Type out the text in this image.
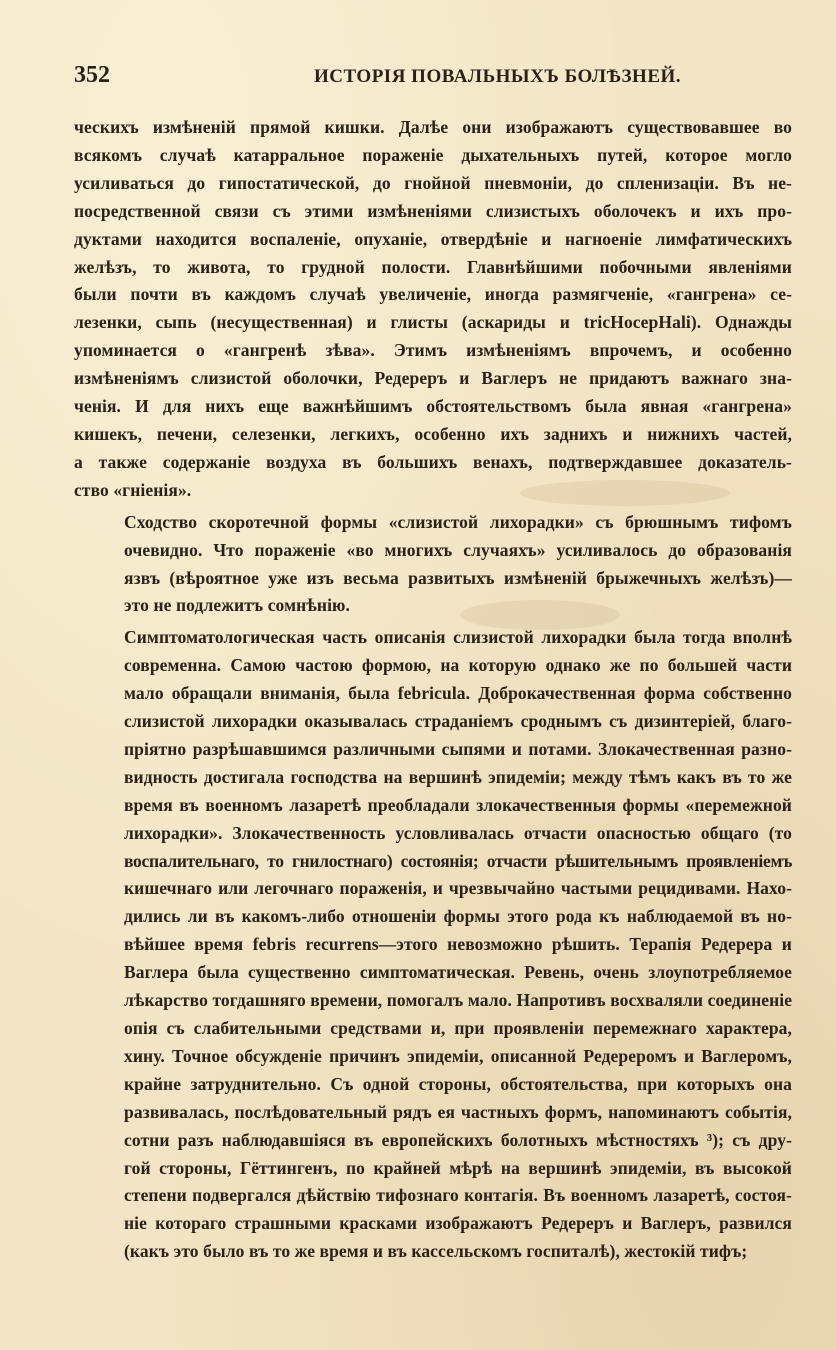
352	ИСТОРІЯ ПОВАЛЬНЫХЪ БОЛѢЗНЕЙ.

ческихъ измѣненій прямой кишки. Далѣе они изображаютъ существовавшее во
всякомъ случаѣ катарральное пораженіе дыхательныхъ путей, которое могло
усиливаться до гипостатической, до гнойной пневмоніи, до спленизаціи. Въ не-
посредственной связи съ этими измѣненіями слизистыхъ оболочекъ и ихъ про-
дуктами находится воспаленіе, опуханіе, отвердѣніе и нагноеніе лимфатическихъ
желѣзъ, то живота, то грудной полости. Главнѣйшими побочными явленіями
были почти въ каждомъ случаѣ увеличеніе, иногда размягченіе, «гангрена» се-
лезенки, сыпь (несущественная) и глисты (аскариды и tricHocepHali). Однажды
упоминается о «гангренѣ зѣва». Этимъ измѣненіямъ впрочемъ, и особенно
измѣненіямъ слизистой оболочки, Редереръ и Ваглеръ не придаютъ важнаго зна-
ченія. И для нихъ еще важнѣйшимъ обстоятельствомъ была явная «гангрена»
кишекъ, печени, селезенки, легкихъ, особенно ихъ заднихъ и нижнихъ частей,
а также содержаніе воздуха въ большихъ венахъ, подтверждавшее доказатель-
ство «гніенія».

Сходство скоротечной формы «слизистой лихорадки» съ брюшнымъ тифомъ
очевидно. Что пораженіе «во многихъ случаяхъ» усиливалось до образованія
язвъ (вѣроятное уже изъ весьма развитыхъ измѣненій брыжечныхъ желѣзъ)—
это не подлежитъ сомнѣнію.

Симптоматологическая часть описанія слизистой лихорадки была тогда вполнѣ
современна. Самою частою формою, на которую однако же по большей части
мало обращали вниманія, была febricula. Доброкачественная форма собственно
слизистой лихорадки оказывалась страданіемъ сроднымъ съ дизинтеріей, благо-
пріятно разрѣшавшимся различными сыпями и потами. Злокачественная разно-
видность достигала господства на вершинѣ эпидеміи; между тѣмъ какъ въ то же
время въ военномъ лазаретѣ преобладали злокачественныя формы «перемежной
лихорадки». Злокачественность условливалась отчасти опасностью общаго (то
воспалительнаго, то гнилостнаго) состоянія; отчасти рѣшительнымъ проявленіемъ
кишечнаго или легочнаго пораженія, и чрезвычайно частыми рецидивами. Нахо-
дились ли въ какомъ-либо отношеніи формы этого рода къ наблюдаемой въ но-
вѣйшее время febris recurrens—этого невозможно рѣшить. Терапія Редерера и
Ваглера была существенно симптоматическая. Ревень, очень злоупотребляемое
лѣкарство тогдашняго времени, помогалъ мало. Напротивъ восхваляли соединеніе
опія съ слабительными средствами и, при проявленіи перемежнаго характера,
хину. Точное обсужденіе причинъ эпидеміи, описанной Редереромъ и Ваглеромъ,
крайне затруднительно. Съ одной стороны, обстоятельства, при которыхъ она
развивалась, послѣдовательный рядъ ея частныхъ формъ, напоминаютъ событія,
сотни разъ наблюдавшіяся въ европейскихъ болотныхъ мѣстностяхъ ³); съ дру-
гой стороны, Гёттингенъ, по крайней мѣрѣ на вершинѣ эпидеміи, въ высокой
степени подвергался дѣйствію тифознаго контагія. Въ военномъ лазаретѣ, состоя-
ніе котораго страшными красками изображаютъ Редереръ и Ваглеръ, развился
(какъ это было въ то же время и въ кассельскомъ госпиталѣ), жестокій тифъ;
